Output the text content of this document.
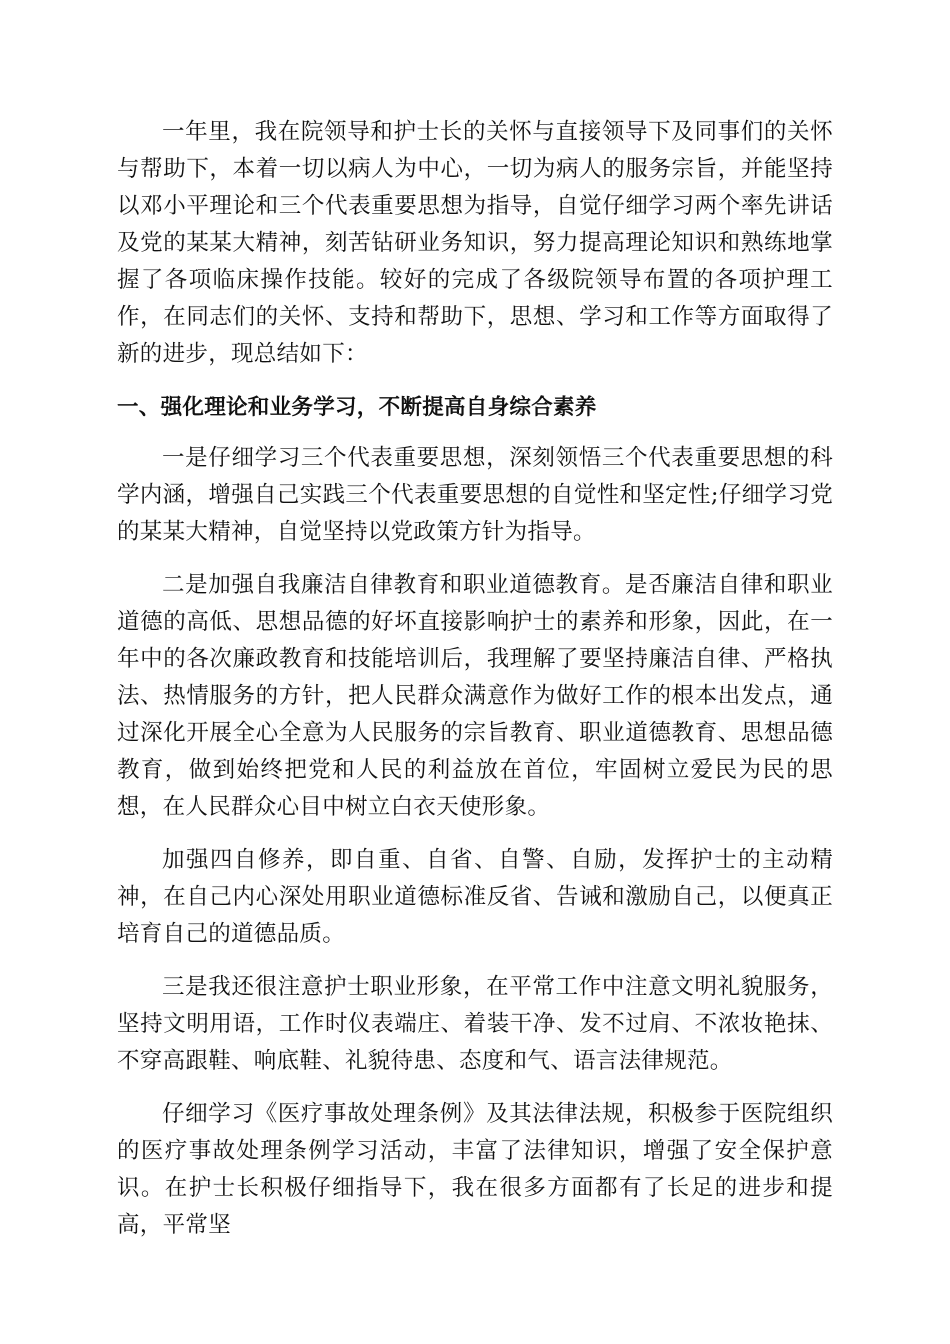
一年里，我在院领导和护士长的关怀与直接领导下及同事们的关怀与帮助下，本着一切以病人为中心，一切为病人的服务宗旨，并能坚持以邓小平理论和三个代表重要思想为指导，自觉仔细学习两个率先讲话及党的某某大精神，刻苦钻研业务知识，努力提高理论知识和熟练地掌握了各项临床操作技能。较好的完成了各级院领导布置的各项护理工作，在同志们的关怀、支持和帮助下，思想、学习和工作等方面取得了新的进步，现总结如下：

一、强化理论和业务学习，不断提高自身综合素养

一是仔细学习三个代表重要思想，深刻领悟三个代表重要思想的科学内涵，增强自己实践三个代表重要思想的自觉性和坚定性;仔细学习党的某某大精神，自觉坚持以党政策方针为指导。

二是加强自我廉洁自律教育和职业道德教育。是否廉洁自律和职业道德的高低、思想品德的好坏直接影响护士的素养和形象，因此，在一年中的各次廉政教育和技能培训后，我理解了要坚持廉洁自律、严格执法、热情服务的方针，把人民群众满意作为做好工作的根本出发点，通过深化开展全心全意为人民服务的宗旨教育、职业道德教育、思想品德教育，做到始终把党和人民的利益放在首位，牢固树立爱民为民的思想，在人民群众心目中树立白衣天使形象。

加强四自修养，即自重、自省、自警、自励，发挥护士的主动精神，在自己内心深处用职业道德标准反省、告诫和激励自己，以便真正培育自己的道德品质。

三是我还很注意护士职业形象，在平常工作中注意文明礼貌服务，坚持文明用语，工作时仪表端庄、着装干净、发不过肩、不浓妆艳抹、不穿高跟鞋、响底鞋、礼貌待患、态度和气、语言法律规范。

仔细学习《医疗事故处理条例》及其法律法规，积极参于医院组织的医疗事故处理条例学习活动，丰富了法律知识，增强了安全保护意识。在护士长积极仔细指导下，我在很多方面都有了长足的进步和提高，平常坚
